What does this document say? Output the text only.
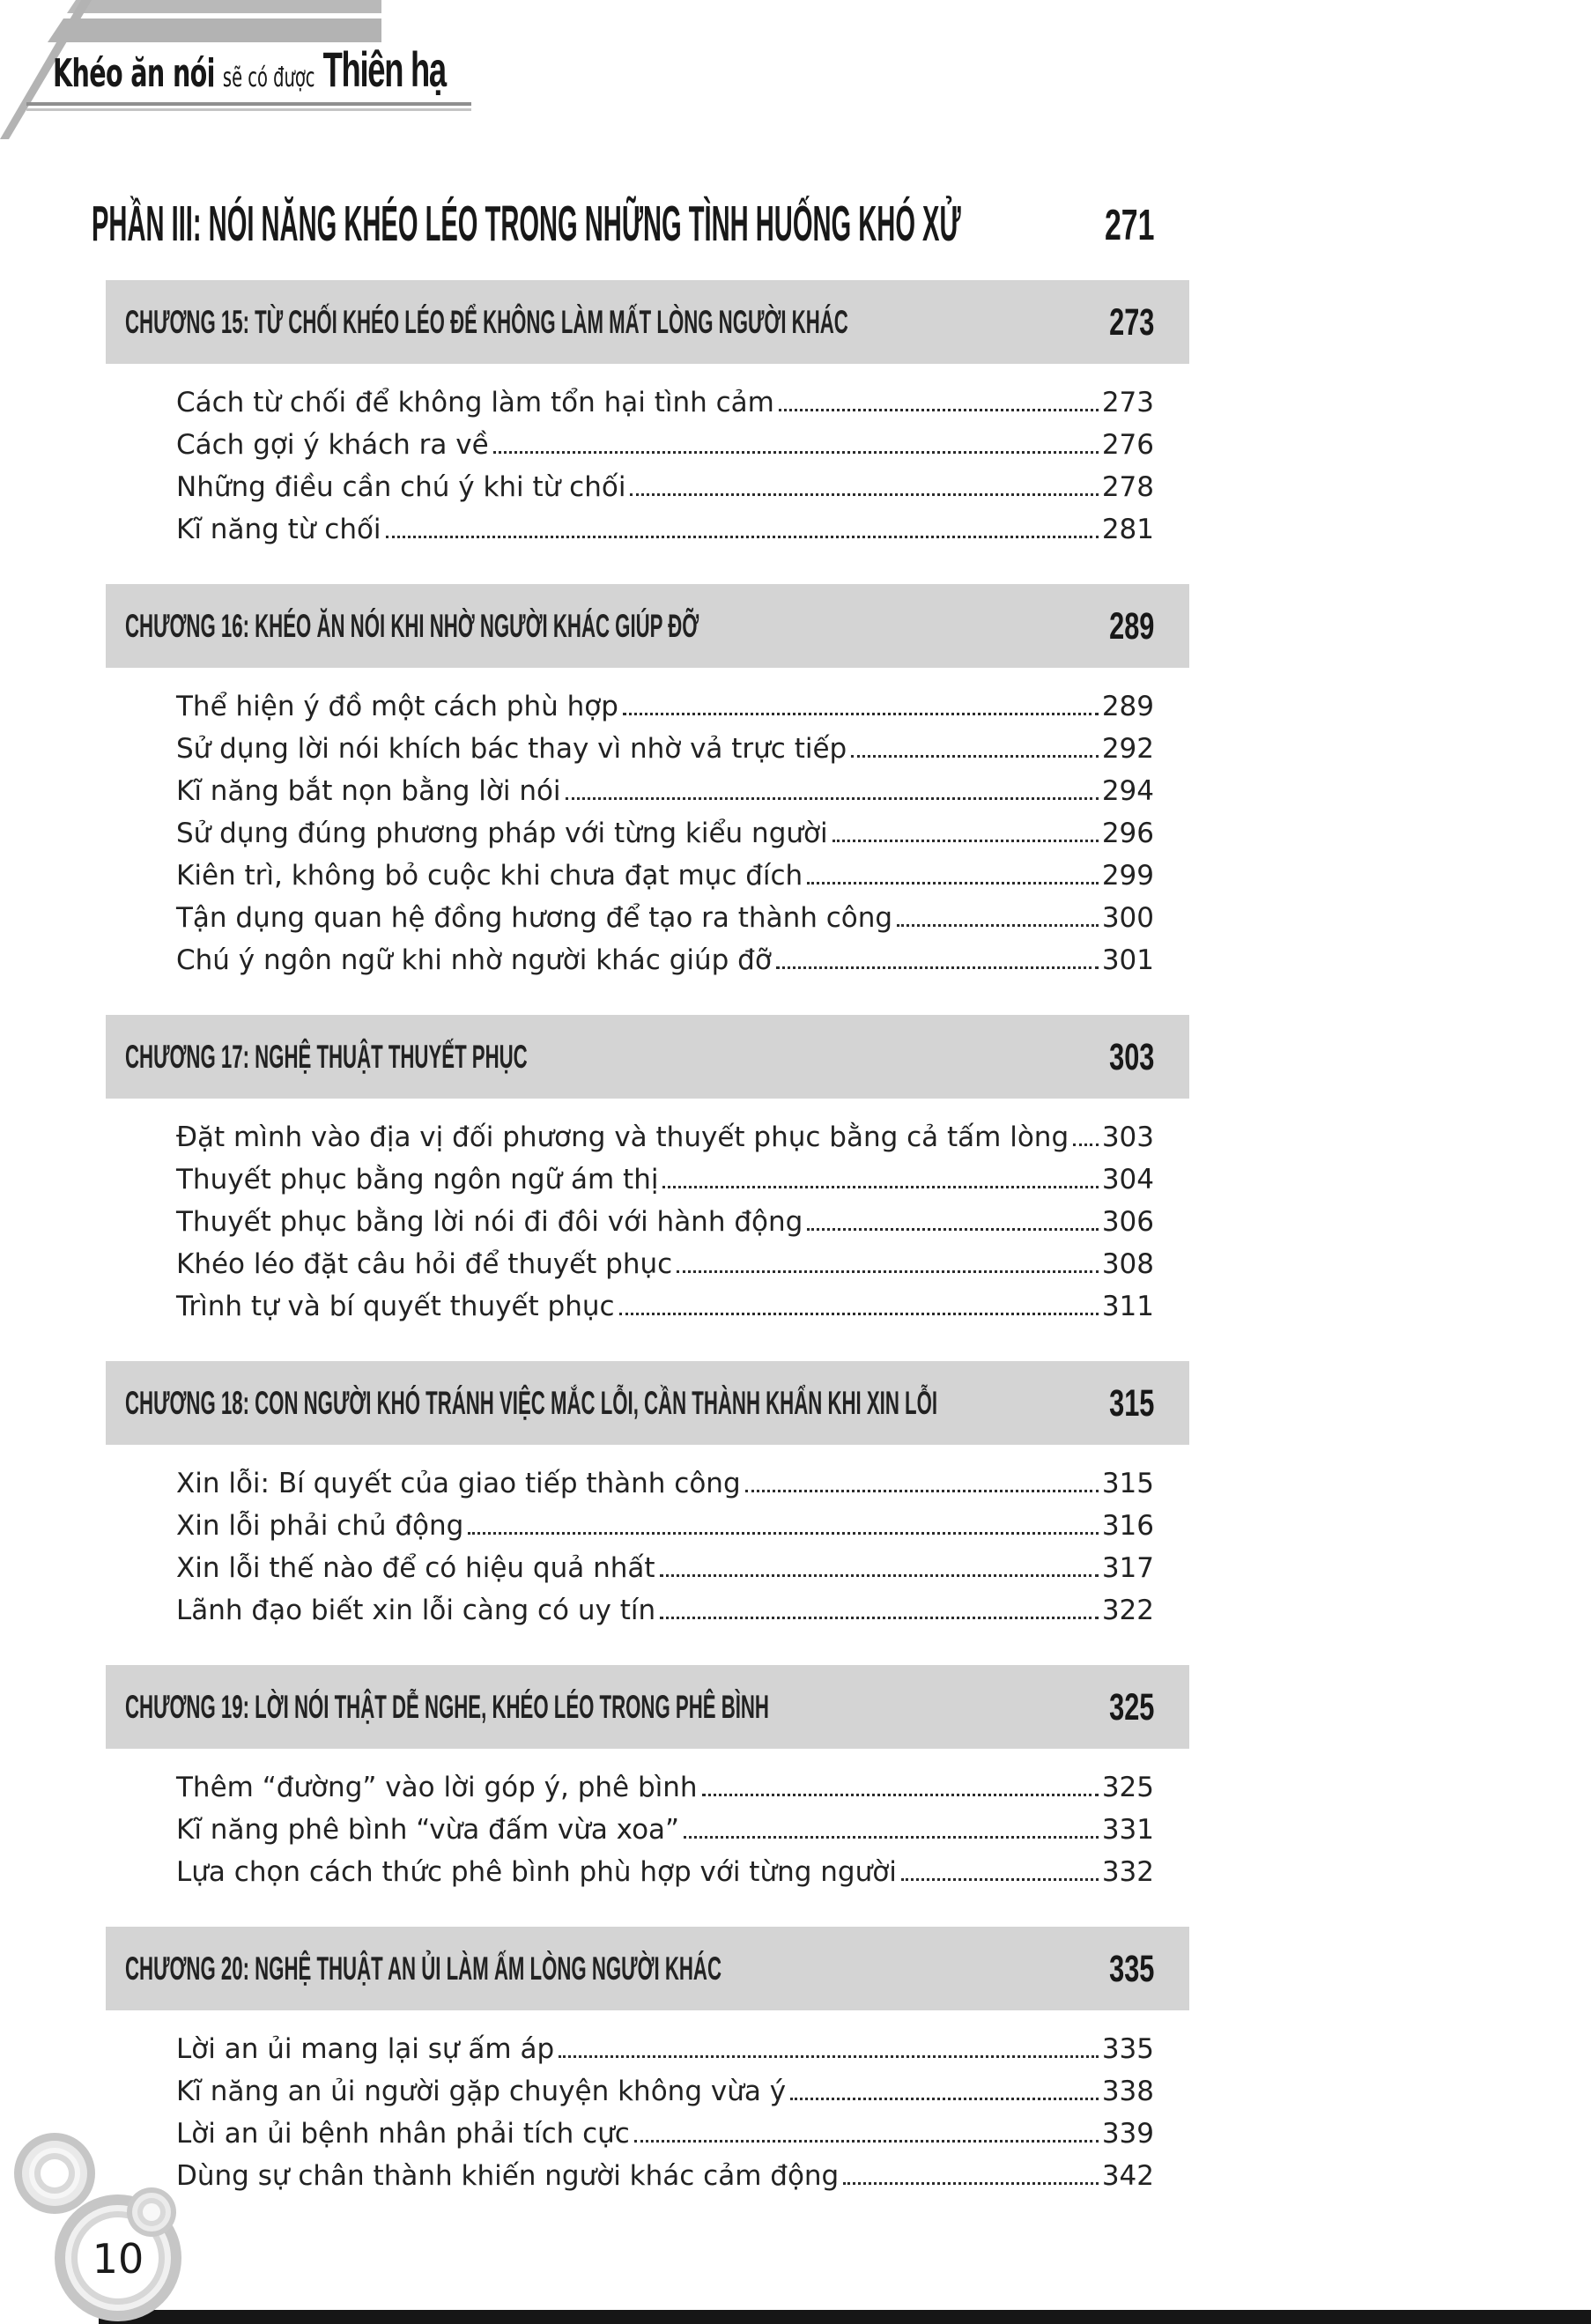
Khéo ăn nói sẽ có được Thiên hạ
PHẦN III: NÓI NĂNG KHÉO LÉO TRONG NHỮNG TÌNH HUỐNG KHÓ XỬ	271
CHƯƠNG 15: TỪ CHỐI KHÉO LÉO ĐỂ KHÔNG LÀM MẤT LÒNG NGƯỜI KHÁC	273
Cách từ chối để không làm tổn hại tình cảm	273
Cách gợi ý khách ra về	276
Những điều cần chú ý khi từ chối	278
Kĩ năng từ chối	281
CHƯƠNG 16: KHÉO ĂN NÓI KHI NHỜ NGƯỜI KHÁC GIÚP ĐỠ	289
Thể hiện ý đồ một cách phù hợp	289
Sử dụng lời nói khích bác thay vì nhờ vả trực tiếp	292
Kĩ năng bắt nọn bằng lời nói	294
Sử dụng đúng phương pháp với từng kiểu người	296
Kiên trì, không bỏ cuộc khi chưa đạt mục đích	299
Tận dụng quan hệ đồng hương để tạo ra thành công	300
Chú ý ngôn ngữ khi nhờ người khác giúp đỡ	301
CHƯƠNG 17: NGHỆ THUẬT THUYẾT PHỤC	303
Đặt mình vào địa vị đối phương và thuyết phục bằng cả tấm lòng 303
Thuyết phục bằng ngôn ngữ ám thị	304
Thuyết phục bằng lời nói đi đôi với hành động	306
Khéo léo đặt câu hỏi để thuyết phục	308
Trình tự và bí quyết thuyết phục	311
CHƯƠNG 18: CON NGƯỜI KHÓ TRÁNH VIỆC MẮC LỖI, CẦN THÀNH KHẨN KHI XIN LỖI	315
Xin lỗi: Bí quyết của giao tiếp thành công	315
Xin lỗi phải chủ động	316
Xin lỗi thế nào để có hiệu quả nhất	317
Lãnh đạo biết xin lỗi càng có uy tín	322
CHƯƠNG 19: LỜI NÓI THẬT DỄ NGHE, KHÉO LÉO TRONG PHÊ BÌNH	325
Thêm “đường” vào lời góp ý, phê bình	325
Kĩ năng phê bình “vừa đấm vừa xoa”	331
Lựa chọn cách thức phê bình phù hợp với từng người	332
CHƯƠNG 20: NGHỆ THUẬT AN ỦI LÀM ẤM LÒNG NGƯỜI KHÁC	335
Lời an ủi mang lại sự ấm áp	335
Kĩ năng an ủi người gặp chuyện không vừa ý	338
Lời an ủi bệnh nhân phải tích cực	339
Dùng sự chân thành khiến người khác cảm động	342
10
